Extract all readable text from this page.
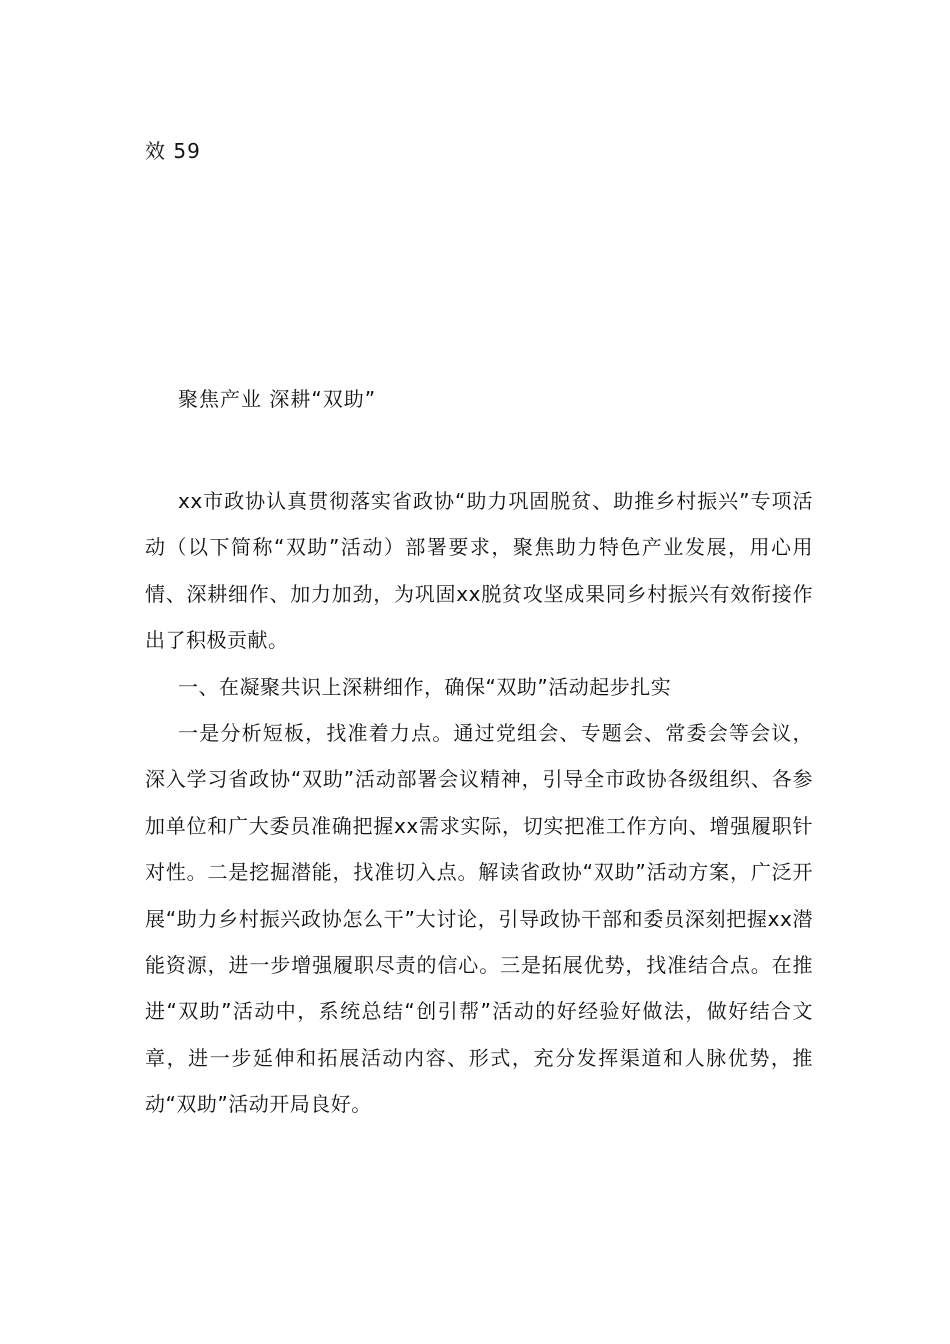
效 59
聚焦产业 深耕“双助”

xx市政协认真贯彻落实省政协“助力巩固脱贫、助推乡村振兴”专项活动（以下简称“双助”活动）部署要求，聚焦助力特色产业发展，用心用情、深耕细作、加力加劲，为巩固xx脱贫攻坚成果同乡村振兴有效衔接作出了积极贡献。

一、在凝聚共识上深耕细作，确保“双助”活动起步扎实

一是分析短板，找准着力点。通过党组会、专题会、常委会等会议，深入学习省政协“双助”活动部署会议精神，引导全市政协各级组织、各参加单位和广大委员准确把握xx需求实际，切实把准工作方向、增强履职针对性。二是挖掘潜能，找准切入点。解读省政协“双助”活动方案，广泛开展“助力乡村振兴政协怎么干”大讨论，引导政协干部和委员深刻把握xx潜能资源，进一步增强履职尽责的信心。三是拓展优势，找准结合点。在推进“双助”活动中，系统总结“创引帮”活动的好经验好做法，做好结合文章，进一步延伸和拓展活动内容、形式，充分发挥渠道和人脉优势，推动“双助”活动开局良好。
